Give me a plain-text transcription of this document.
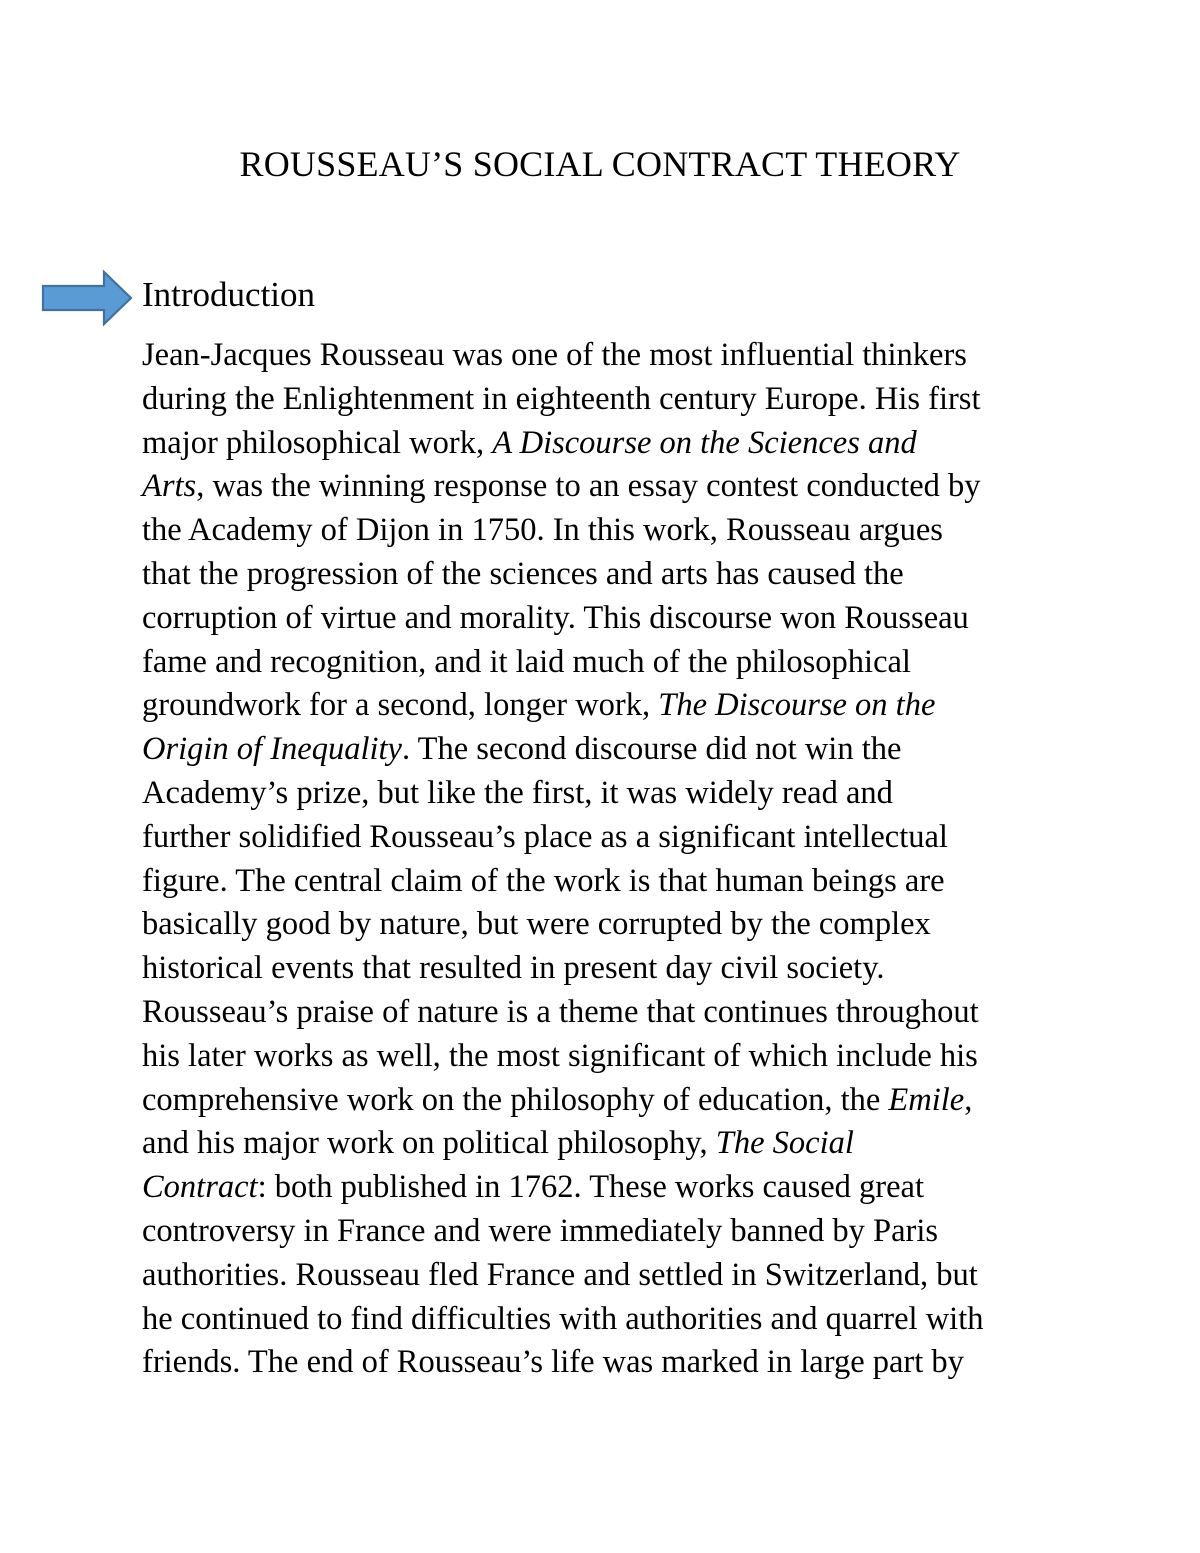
ROUSSEAU’S SOCIAL CONTRACT THEORY
Introduction
Jean-Jacques Rousseau was one of the most influential thinkers
during the Enlightenment in eighteenth century Europe. His first
major philosophical work, A Discourse on the Sciences and
Arts, was the winning response to an essay contest conducted by
the Academy of Dijon in 1750. In this work, Rousseau argues
that the progression of the sciences and arts has caused the
corruption of virtue and morality. This discourse won Rousseau
fame and recognition, and it laid much of the philosophical
groundwork for a second, longer work, The Discourse on the
Origin of Inequality. The second discourse did not win the
Academy’s prize, but like the first, it was widely read and
further solidified Rousseau’s place as a significant intellectual
figure. The central claim of the work is that human beings are
basically good by nature, but were corrupted by the complex
historical events that resulted in present day civil society.
Rousseau’s praise of nature is a theme that continues throughout
his later works as well, the most significant of which include his
comprehensive work on the philosophy of education, the Emile,
and his major work on political philosophy, The Social
Contract: both published in 1762. These works caused great
controversy in France and were immediately banned by Paris
authorities. Rousseau fled France and settled in Switzerland, but
he continued to find difficulties with authorities and quarrel with
friends. The end of Rousseau’s life was marked in large part by
